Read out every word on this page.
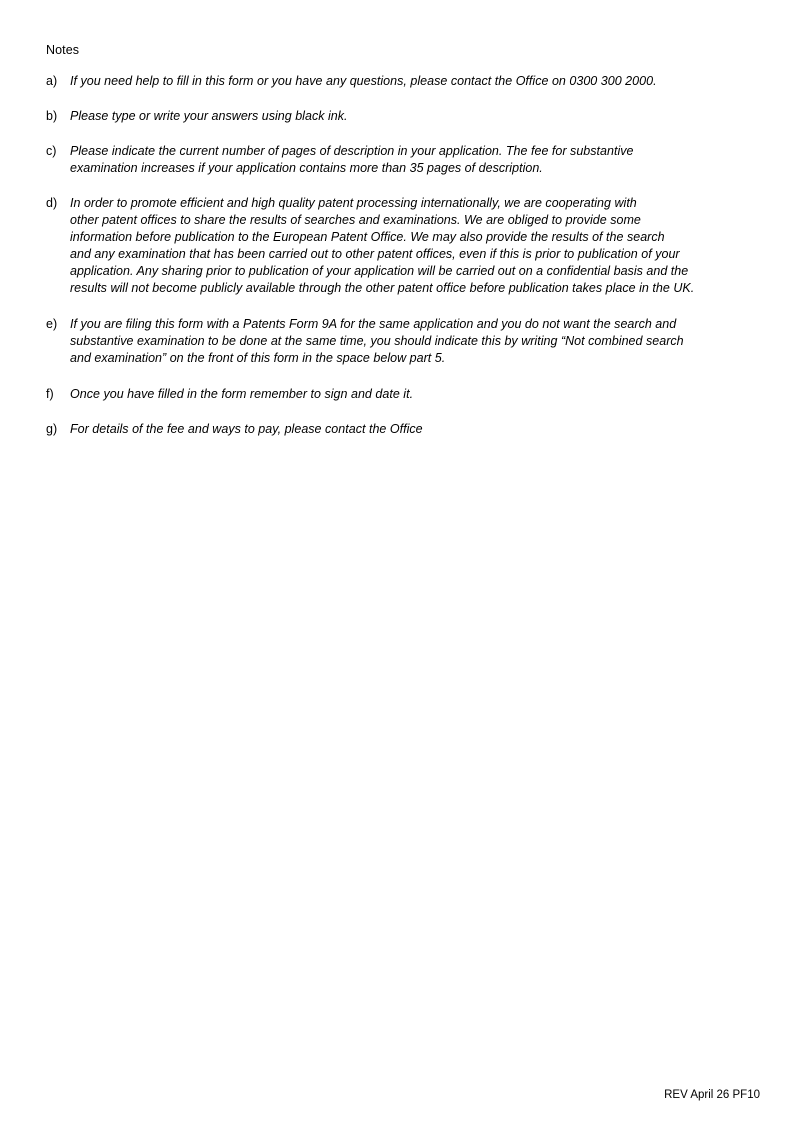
Notes
a)	If you need help to fill in this form or you have any questions, please contact the Office on 0300 300 2000.
b)	Please type or write your answers using black ink.
c)	Please indicate the current number of pages of description in your application. The fee for substantive
examination increases if your application contains more than 35 pages of description.
d)	In order to promote efficient and high quality patent processing internationally, we are cooperating with
other patent offices to share the results of searches and examinations. We are obliged to provide some
information before publication to the European Patent Office. We may also provide the results of the search
and any examination that has been carried out to other patent offices, even if this is prior to publication of your
application. Any sharing prior to publication of your application will be carried out on a confidential basis and the
results will not become publicly available through the other patent office before publication takes place in the UK.
e)	If you are filing this form with a Patents Form 9A for the same application and you do not want the search and
substantive examination to be done at the same time, you should indicate this by writing “Not combined search
and examination” on the front of this form in the space below part 5.
f)	Once you have filled in the form remember to sign and date it.
g)	For details of the fee and ways to pay, please contact the Office
REV April 26 PF10
